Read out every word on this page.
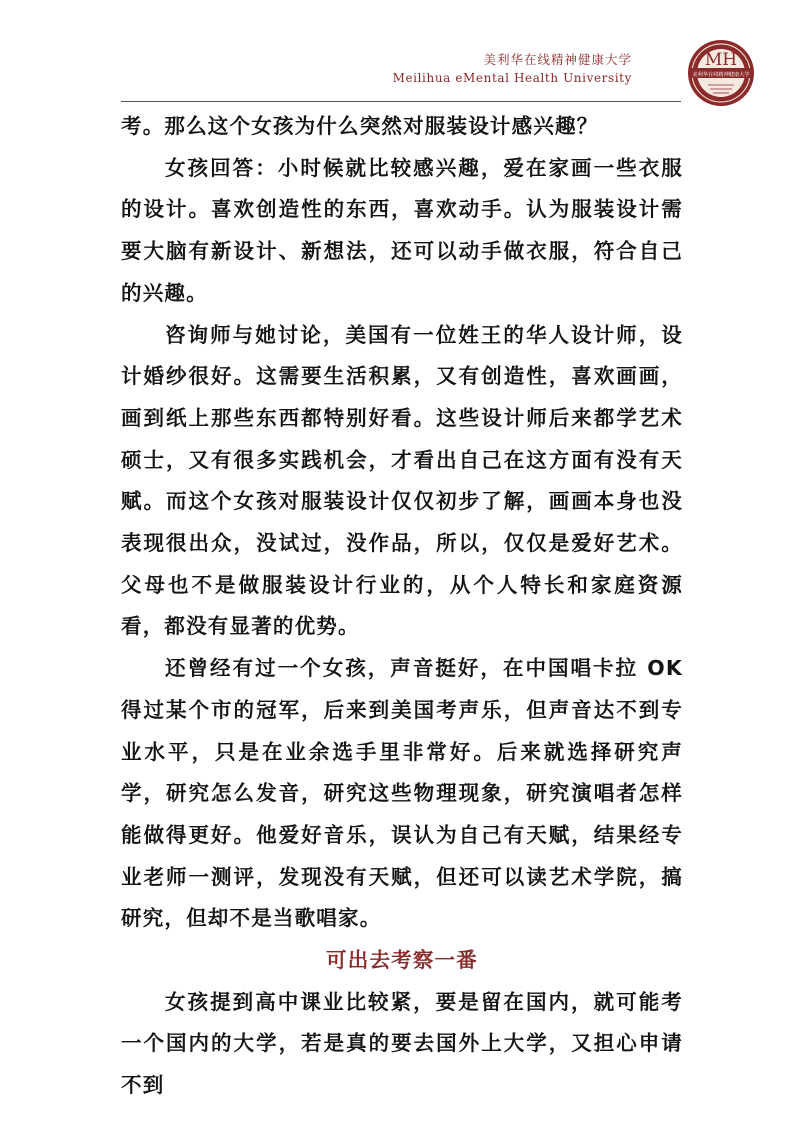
美利华在线精神健康大学
Meilihua eMental Health University
MH
美利华在线精神健康大学

考。那么这个女孩为什么突然对服装设计感兴趣？

女孩回答：小时候就比较感兴趣，爱在家画一些衣服的设计。喜欢创造性的东西，喜欢动手。认为服装设计需要大脑有新设计、新想法，还可以动手做衣服，符合自己的兴趣。

咨询师与她讨论，美国有一位姓王的华人设计师，设计婚纱很好。这需要生活积累，又有创造性，喜欢画画，画到纸上那些东西都特别好看。这些设计师后来都学艺术硕士，又有很多实践机会，才看出自己在这方面有没有天赋。而这个女孩对服装设计仅仅初步了解，画画本身也没表现很出众，没试过，没作品，所以，仅仅是爱好艺术。父母也不是做服装设计行业的，从个人特长和家庭资源看，都没有显著的优势。

还曾经有过一个女孩，声音挺好，在中国唱卡拉 OK 得过某个市的冠军，后来到美国考声乐，但声音达不到专业水平，只是在业余选手里非常好。后来就选择研究声学，研究怎么发音，研究这些物理现象，研究演唱者怎样能做得更好。他爱好音乐，误认为自己有天赋，结果经专业老师一测评，发现没有天赋，但还可以读艺术学院，搞研究，但却不是当歌唱家。

可出去考察一番

女孩提到高中课业比较紧，要是留在国内，就可能考一个国内的大学，若是真的要去国外上大学，又担心申请不到
